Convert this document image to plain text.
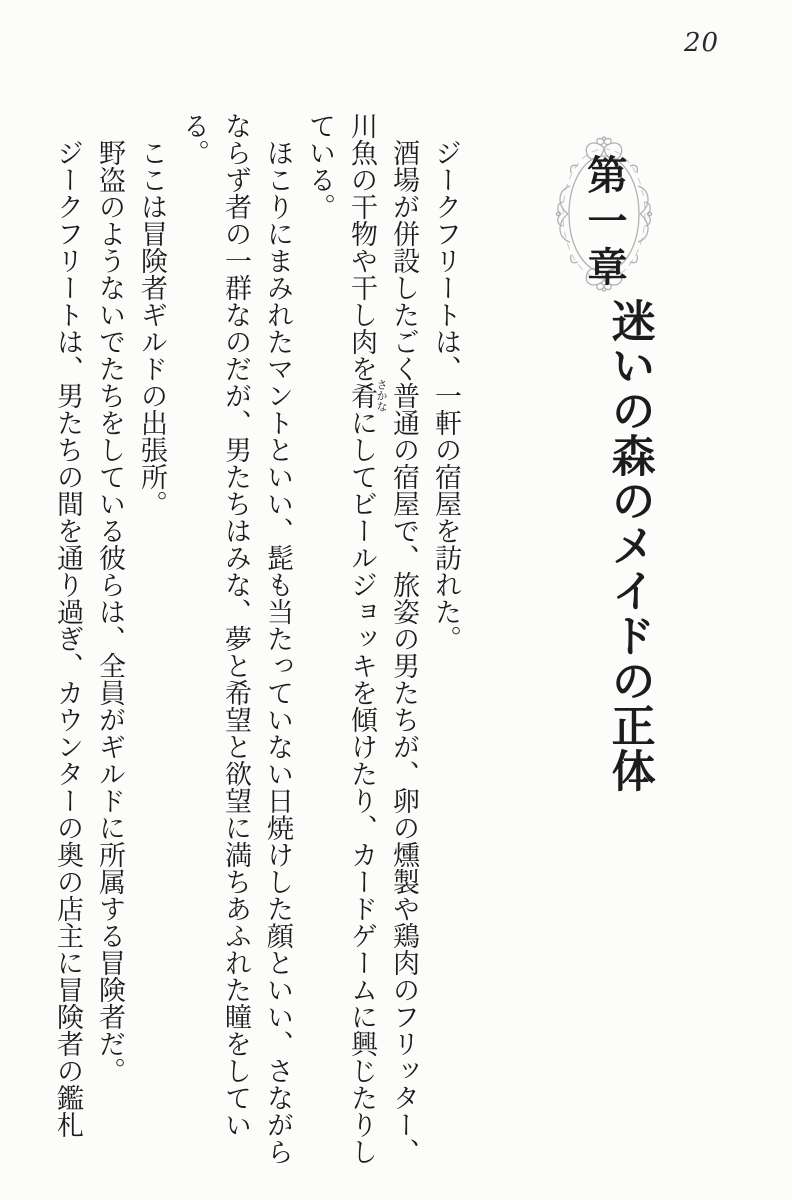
20
第一章
迷いの森のメイドの正体

ジークフリートは、一軒の宿屋を訪れた。

酒場が併設したごく普通の宿屋で、旅姿の男たちが、卵の燻製や鶏肉のフリッター、川魚の干物や干し肉を肴さかなにしてビールジョッキを傾けたり、カードゲームに興じたりしている。

ほこりにまみれたマントといい、髭も当たっていない日焼けした顔といい、さながらならず者の一群なのだが、男たちはみな、夢と希望と欲望に満ちあふれた瞳をしている。

ここは冒険者ギルドの出張所。

野盗のようないでたちをしている彼らは、全員がギルドに所属する冒険者だ。

ジークフリートは、男たちの間を通り過ぎ、カウンターの奥の店主に冒険者の鑑札
